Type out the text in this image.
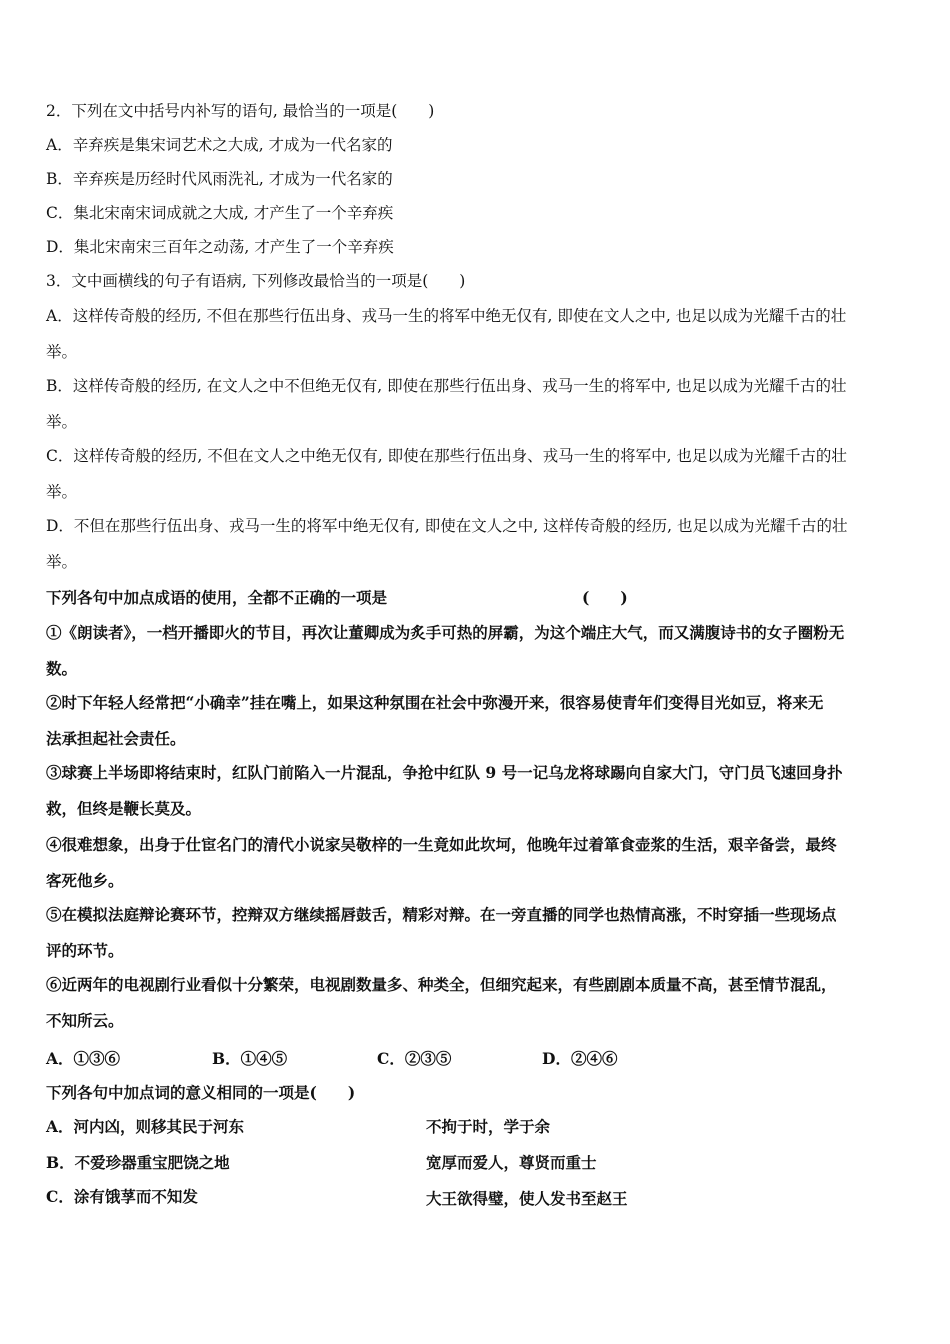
2．下列在文中括号内补写的语句, 最恰当的一项是(　　)
A．辛弃疾是集宋词艺术之大成, 才成为一代名家的
B．辛弃疾是历经时代风雨洗礼, 才成为一代名家的
C．集北宋南宋词成就之大成, 才产生了一个辛弃疾
D．集北宋南宋三百年之动荡, 才产生了一个辛弃疾
3．文中画横线的句子有语病, 下列修改最恰当的一项是(　　)
A．这样传奇般的经历, 不但在那些行伍出身、戎马一生的将军中绝无仅有, 即使在文人之中, 也足以成为光耀千古的壮
举。
B．这样传奇般的经历, 在文人之中不但绝无仅有, 即使在那些行伍出身、戎马一生的将军中, 也足以成为光耀千古的壮
举。
C．这样传奇般的经历, 不但在文人之中绝无仅有, 即使在那些行伍出身、戎马一生的将军中, 也足以成为光耀千古的壮
举。
D．不但在那些行伍出身、戎马一生的将军中绝无仅有, 即使在文人之中, 这样传奇般的经历, 也足以成为光耀千古的壮
举。
下列各句中加点成语的使用，全都不正确的一项是	(　　)
①《朗读者》，一档开播即火的节目，再次让董卿成为炙手可热的屏霸，为这个端庄大气，而又满腹诗书的女子圈粉无
数。
②时下年轻人经常把“小确幸”挂在嘴上，如果这种氛围在社会中弥漫开来，很容易使青年们变得目光如豆，将来无
法承担起社会责任。
③球赛上半场即将结束时，红队门前陷入一片混乱，争抢中红队 9 号一记乌龙将球踢向自家大门，守门员飞速回身扑
救，但终是鞭长莫及。
④很难想象，出身于仕宦名门的清代小说家吴敬梓的一生竟如此坎坷，他晚年过着箪食壶浆的生活，艰辛备尝，最终
客死他乡。
⑤在模拟法庭辩论赛环节，控辩双方继续摇唇鼓舌，精彩对辩。在一旁直播的同学也热情高涨，不时穿插一些现场点
评的环节。
⑥近两年的电视剧行业看似十分繁荣，电视剧数量多、种类全，但细究起来，有些剧剧本质量不高，甚至情节混乱，
不知所云。
A．①③⑥	B．①④⑤	C．②③⑤	D．②④⑥
下列各句中加点词的意义相同的一项是(　　)
A．河内凶，则移其民于河东	不拘于时，学于余
B．不爱珍器重宝肥饶之地	宽厚而爱人，尊贤而重士
C．涂有饿莩而不知发	大王欲得璧，使人发书至赵王
